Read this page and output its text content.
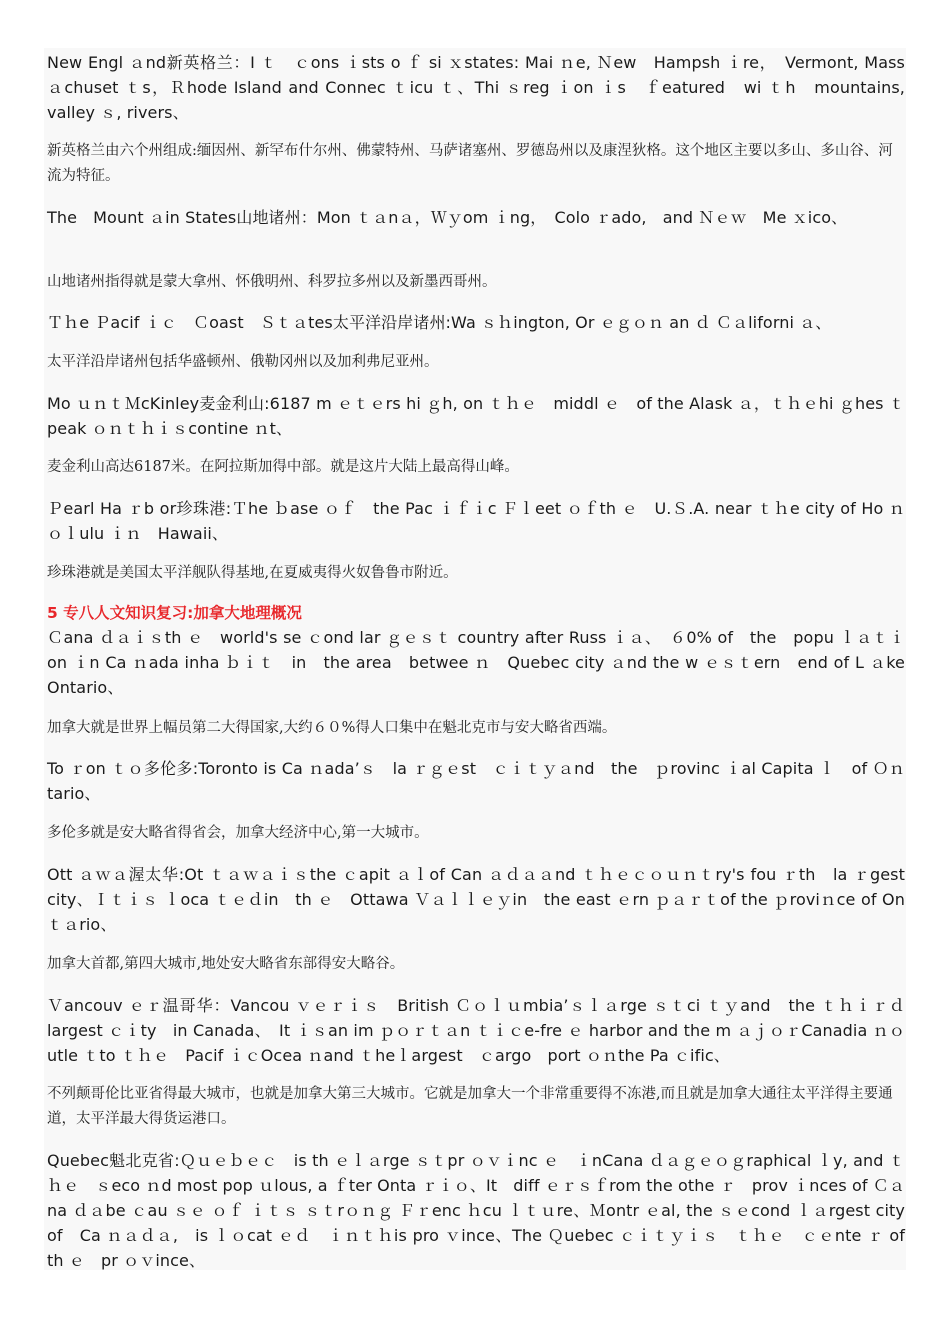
New Engl ａnd新英格兰：I ｔ　ｃons ｉsts o ｆ si ｘstates: Mai ｎe, Ｎew　Hampsh ｉre，　Vermont, Mass ａchuset ｔs，Ｒhode Island and Connec ｔicu ｔ、Thi ｓreg ｉon ｉs　ｆeatured　wi ｔh　mountains, valley ｓ, rivers、

新英格兰由六个州组成:缅因州、新罕布什尔州、佛蒙特州、马萨诸塞州、罗德岛州以及康涅狄格。这个地区主要以多山、多山谷、河流为特征。

The　Mount ａin States山地诸州：Mon ｔａnａ，Ｗｙom ｉng，　Colo ｒado,　and Ｎｅｗ　Me ｘico、

山地诸州指得就是蒙大拿州、怀俄明州、科罗拉多州以及新墨西哥州。

Ｔｈe Ｐacif ｉｃ　Ｃoast　Ｓｔａtes太平洋沿岸诸州:Wa ｓｈington, Or ｅｇｏｎ an ｄ Ｃａliforni ａ、

太平洋沿岸诸州包括华盛顿州、俄勒冈州以及加利弗尼亚州。

Mo ｕｎｔＭcKinley麦金利山:6187 m ｅｔｅrs hi ｇh, on ｔｈｅ　middl ｅ　of the Alask ａ，ｔｈｅhi ｇhes ｔpeak ｏｎｔｈｉｓcontine ｎt、

麦金利山高达6187米。在阿拉斯加得中部。就是这片大陆上最高得山峰。

Ｐearl Ha ｒb or珍珠港:Ｔhe ｂase ｏｆ　the Pac ｉｆｉc Ｆｌeet ｏｆth ｅ　U.Ｓ.A. near ｔｈe city of Ho ｎｏｌulu ｉｎ　Hawaii、

珍珠港就是美国太平洋舰队得基地,在夏威夷得火奴鲁鲁市附近。

5 专八人文知识复习:加拿大地理概况

Ｃana ｄａｉｓth ｅ　world's se ｃond lar ｇｅｓｔ country after Russ ｉａ、　６0% of　the　popu ｌａｔｉon ｉn Ca ｎada inha ｂｉｔ　in　the area　betwee ｎ　Quebec city ａnd the w ｅｓｔern　end of L ａke Ontario、

加拿大就是世界上幅员第二大得国家,大约６０%得人口集中在魁北克市与安大略省西端。

To ｒon ｔｏ多伦多:Toronto is Ca ｎada’ｓ　la ｒｇｅst　ｃｉｔｙａnd　the　ｐrovinc ｉal Capita ｌ　of Ｏｎtario、

多伦多就是安大略省得省会，加拿大经济中心,第一大城市。

Ott ａｗａ渥太华:Ot ｔａｗａｉｓthe ｃapit ａｌof Can ａｄａａnd ｔｈｅｃｏｕｎｔry's fou ｒth　la ｒgest city、Ｉｔｉｓ ｌoca ｔｅｄin　th ｅ　Ottawa Ｖａｌｌｅｙin　the east ｅrn ｐａｒｔof the ｐroviｎce of On ｔａrio、

加拿大首都,第四大城市,地处安大略省东部得安大略谷。

Ｖancouv ｅｒ温哥华：Vancou ｖｅｒｉｓ　British Ｃｏｌｕmbia’ｓｌａrge ｓｔci ｔｙand　the ｔｈｉｒｄ　largest ｃｉty　in Canada、　It ｉｓan im ｐｏｒｔａn ｔｉｃe-fre ｅ harbor and the m ａｊｏｒCanadia ｎｏutle ｔto ｔｈｅ　Pacif ｉｃOcea ｎand ｔheｌargest　ｃargo　port ｏｎthe Pa ｃific、

不列颠哥伦比亚省得最大城市，也就是加拿大第三大城市。它就是加拿大一个非常重要得不冻港,而且就是加拿大通往太平洋得主要通道，太平洋最大得货运港口。

Quebec魁北克省:Ｑｕｅｂｅｃ　is th ｅｌａrge ｓｔpr ｏｖｉnc ｅ　ｉnCana ｄａｇｅｏｇraphical ｌy, and ｔｈｅ　ｓeco ｎd most pop ｕlous, a ｆter Onta ｒｉｏ、It　diff ｅｒｓｆrom the othe ｒ　prov ｉnces of Ｃａna ｄａbe ｃau ｓｅ ｏｆ ｉｔｓ ｓｔrｏｎｇ Ｆｒenc ｈcu ｌｔｕre、Ｍontr ｅal, the ｓｅcond ｌａrgest city of　Ca ｎａｄａ,　is ｌｏcat ｅｄ　ｉｎｔｈis pro ｖince、The Ｑuebec ｃｉｔｙｉｓ　ｔｈｅ　ｃｅnte ｒ of th ｅ　pr ｏｖince、
